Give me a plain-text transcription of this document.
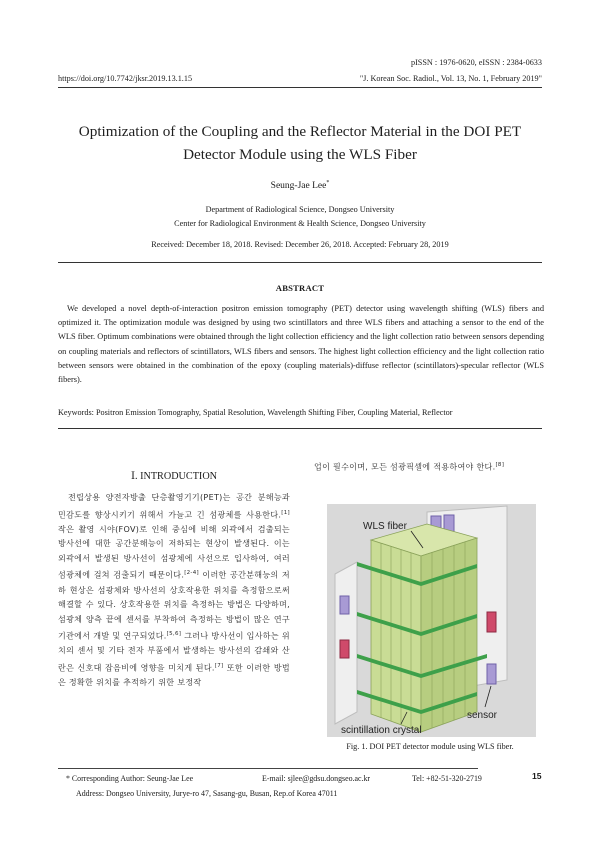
pISSN : 1976-0620, eISSN : 2384-0633
https://doi.org/10.7742/jksr.2019.13.1.15	"J. Korean Soc. Radiol., Vol. 13, No. 1, February 2019"
Optimization of the Coupling and the Reflector Material in the DOI PET
Detector Module using the WLS Fiber
Seung-Jae Lee*
Department of Radiological Science, Dongseo University
Center for Radiological Environment & Health Science, Dongseo University
Received: December 18, 2018. Revised: December 26, 2018. Accepted: February 28, 2019
ABSTRACT
We developed a novel depth-of-interaction positron emission tomography (PET) detector using wavelength shifting (WLS) fibers and optimized it. The optimization module was designed by using two scintillators and three WLS fibers and attaching a sensor to the end of the WLS fiber. Optimum combinations were obtained through the light collection efficiency and the light collection ratio between sensors depending on coupling materials and reflectors of scintillators, WLS fibers and sensors. The highest light collection efficiency and the light collection ratio between sensors were obtained in the combination of the epoxy (coupling materials)-diffuse reflector (scintillators)-specular reflector (WLS fibers).
Keywords: Positron Emission Tomography, Spatial Resolution, Wavelength Shifting Fiber, Coupling Material, Reflector
Ⅰ. INTRODUCTION
전립상용 양전자방출 단층촬영기기(PET)는 공간 분해능과 민감도를 향상시키기 위해서 가늘고 긴 섬광체를 사용한다.[1] 작은 촬영 시야(FOV)로 인해 중심에 비해 외곽에서 검출되는 방사선에 대한 공간분해능이 저하되는 현상이 발생된다. 이는 외곽에서 발생된 방사선이 섬광체에 사선으로 입사하여, 여러 섬광체에 걸쳐 검출되기 때문이다.[2-4] 이러한 공간분해능의 저하 현상은 섬광체와 방사선의 상호작용한 위치를 측정함으로써 해결할 수 있다. 상호작용한 위치를 측정하는 방법은 다양하며, 섬광체 양측 끝에 센서를 부착하여 측정하는 방법이 많은 연구기관에서 개발 및 연구되었다.[5,6] 그러나 방사선이 입사하는 위치의 센서 및 기타 전자 부품에서 발생하는 방사선의 감쇄와 산란은 신호대 잡음비에 영향을 미치게 된다.[7] 또한 이러한 방법은 정확한 위치를 추적하기 위한 보정작
업이 필수이며, 모든 섬광픽셀에 적용하여야 한다.[8]
WLS fiber
sensor
scintillation crystal
Fig. 1. DOI PET detector module using WLS fiber.
* Corresponding Author: Seung-Jae Lee	E-mail: sjlee@gdsu.dongseo.ac.kr	Tel: +82-51-320-2719
Address: Dongseo University, Jurye-ro 47, Sasang-gu, Busan, Rep.of Korea 47011
15
